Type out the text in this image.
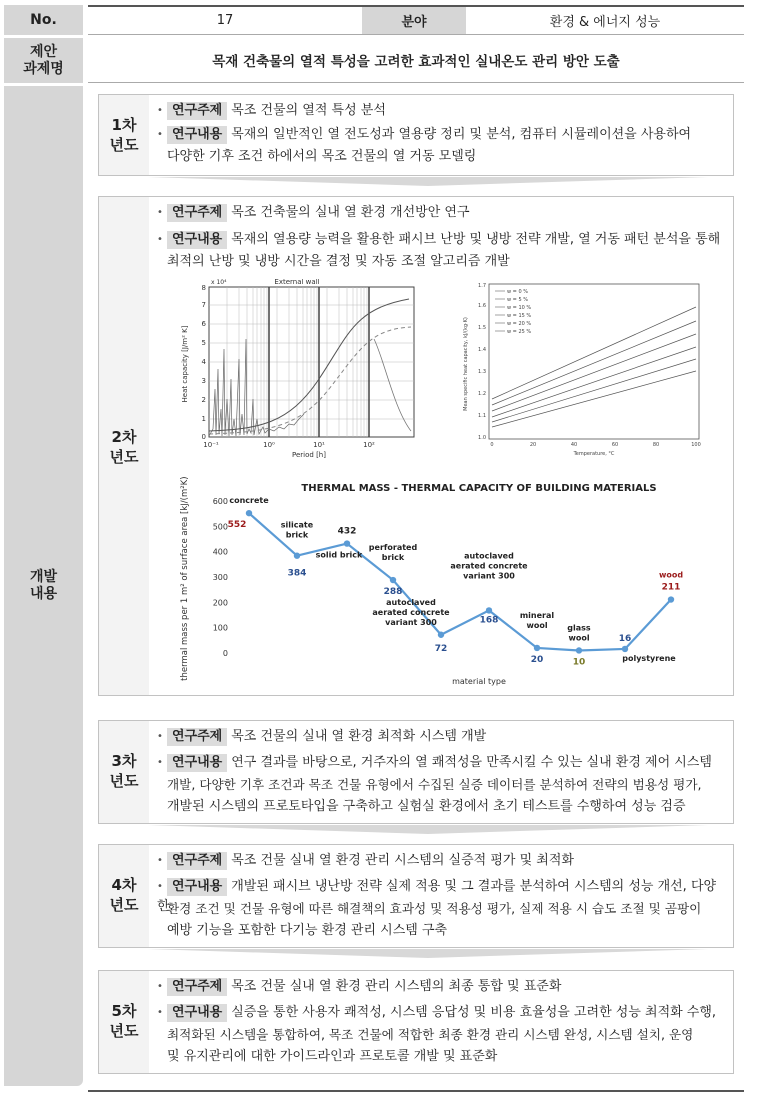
No.	17	분야	환경 & 에너지 성능
제안
과제명	목재 건축물의 열적 특성을 고려한 효과적인 실내온도 관리 방안 도출
개발
내용
1차
년도
• 연구주제 목조 건물의 열적 특성 분석
• 연구내용 목재의 일반적인 열 전도성과 열용량 정리 및 분석, 컴퓨터 시뮬레이션을 사용하여
다양한 기후 조건 하에서의 목조 건물의 열 거동 모델링
2차
년도
• 연구주제 목조 건축물의 실내 열 환경 개선방안 연구
• 연구내용 목재의 열용량 능력을 활용한 패시브 난방 및 냉방 전략 개발, 열 거동 패턴 분석을 통해
최적의 난방 및 냉방 시간을 결정 및 자동 조절 알고리즘 개발
External wall
x 10⁴
0
1
2
3
4
5
6
7
8
10⁻¹	10⁰	10¹	10²
Period [h]
Heat capacity [J/m² K]
1.0
1.1
1.2
1.3
1.4
1.5
1.6
1.7
0	20	40	60	80	100
Temperature, °C
Mean specific heat capacity, kJ/(kg·K)
w = 0 %
w = 5 %
w = 10 %
w = 15 %
w = 20 %
w = 25 %
THERMAL MASS - THERMAL CAPACITY OF BUILDING MATERIALS
thermal mass per 1 m² of surface area [kJ/(m²K)]
material type
0
100
200
300
400
500
600
552
concrete
384
silicate
brick	432
solid brick
288
perforated
brick
72
autoclaved
aerated concrete
variant 300	168
autoclaved
aerated concrete
variant 300
20
mineral
wool
10
glass
wool	16
polystyrene
211
wood
3차
년도
• 연구주제 목조 건물의 실내 열 환경 최적화 시스템 개발
• 연구내용 연구 결과를 바탕으로, 거주자의 열 쾌적성을 만족시킬 수 있는 실내 환경 제어 시스템
개발, 다양한 기후 조건과 목조 건물 유형에서 수집된 실증 데이터를 분석하여 전략의 범용성 평가,
개발된 시스템의 프로토타입을 구축하고 실험실 환경에서 초기 테스트를 수행하여 성능 검증
4차
년도
• 연구주제 목조 건물 실내 열 환경 관리 시스템의 실증적 평가 및 최적화
• 연구내용 개발된 패시브 냉난방 전략 실제 적용 및 그 결과를 분석하여 시스템의 성능 개선, 다양한
환경 조건 및 건물 유형에 따른 해결책의 효과성 및 적용성 평가, 실제 적용 시 습도 조절 및 곰팡이
예방 기능을 포함한 다기능 환경 관리 시스템 구축
5차
년도
• 연구주제 목조 건물 실내 열 환경 관리 시스템의 최종 통합 및 표준화
• 연구내용 실증을 통한 사용자 쾌적성, 시스템 응답성 및 비용 효율성을 고려한 성능 최적화 수행,
최적화된 시스템을 통합하여, 목조 건물에 적합한 최종 환경 관리 시스템 완성, 시스템 설치, 운영
및 유지관리에 대한 가이드라인과 프로토콜 개발 및 표준화
